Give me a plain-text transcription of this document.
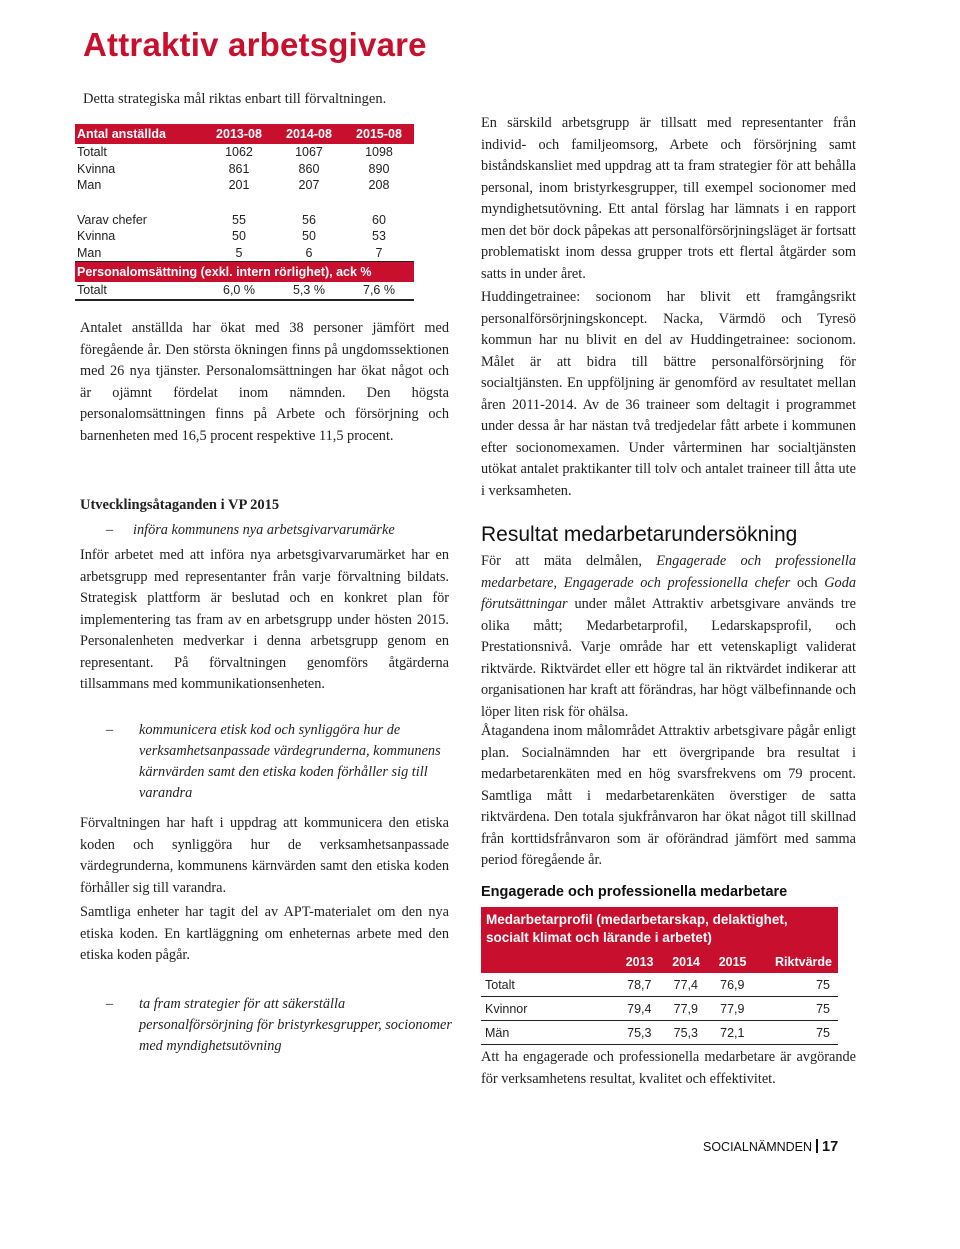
Attraktiv arbetsgivare
Detta strategiska mål riktas enbart till förvaltningen.
Antal anställda	2013-08	2014-08	2015-08
Totalt	1062	1067	1098
Kvinna	861	860	890
Man	201	207	208

Varav chefer	55	56	60
Kvinna	50	50	53
Man	5	6	7
Personalomsättning (exkl. intern rörlighet), ack %			
Totalt	6,0 %	5,3 %	7,6 %

Antalet anställda har ökat med 38 personer jämfört med föregående år. Den största ökningen finns på ungdomssektionen med 26 nya tjänster. Personalomsättningen har ökat något och är ojämnt fördelat inom nämnden. Den högsta personalomsättningen finns på Arbete och försörjning och barnenheten med 16,5 procent respektive 11,5 procent.

Utvecklingsåtaganden i VP 2015
– införa kommunens nya arbetsgivarvarumärke

Inför arbetet med att införa nya arbetsgivarvarumärket har en arbetsgrupp med representanter från varje förvaltning bildats. Strategisk plattform är beslutad och en konkret plan för implementering tas fram av en arbetsgrupp under hösten 2015. Personalenheten medverkar i denna arbetsgrupp genom en representant. På förvaltningen genomförs åtgärderna tillsammans med kommunikationsenheten.

– kommunicera etisk kod och synliggöra hur de verksamhetsanpassade värdegrunderna, kommunens kärnvärden samt den etiska koden förhåller sig till varandra

Förvaltningen har haft i uppdrag att kommunicera den etiska koden och synliggöra hur de verksamhetsanpassade värdegrunderna, kommunens kärnvärden samt den etiska koden förhåller sig till varandra.

Samtliga enheter har tagit del av APT-materialet om den nya etiska koden. En kartläggning om enheternas arbete med den etiska koden pågår.

– ta fram strategier för att säkerställa personalförsörjning för bristyrkesgrupper, socionomer med myndighetsutövning

En särskild arbetsgrupp är tillsatt med representanter från individ- och familjeomsorg, Arbete och försörjning samt biståndskansliet med uppdrag att ta fram strategier för att behålla personal, inom bristyrkesgrupper, till exempel socionomer med myndighetsutövning. Ett antal förslag har lämnats i en rapport men det bör dock påpekas att personalförsörjningsläget är fortsatt problematiskt inom dessa grupper trots ett flertal åtgärder som satts in under året.

Huddingetrainee: socionom har blivit ett framgångsrikt personalförsörjningskoncept. Nacka, Värmdö och Tyresö kommun har nu blivit en del av Huddingetrainee: socionom. Målet är att bidra till bättre personalförsörjning för socialtjänsten. En uppföljning är genomförd av resultatet mellan åren 2011-2014. Av de 36 traineer som deltagit i programmet under dessa år har nästan två tredjedelar fått arbete i kommunen efter socionomexamen. Under vårterminen har socialtjänsten utökat antalet praktikanter till tolv och antalet traineer till åtta ute i verksamheten.

Resultat medarbetarundersökning

För att mäta delmålen, Engagerade och professionella medarbetare, Engagerade och professionella chefer och Goda förutsättningar under målet Attraktiv arbetsgivare används tre olika mått; Medarbetarprofil, Ledarskapsprofil, och Prestationsnivå. Varje område har ett vetenskapligt validerat riktvärde. Riktvärdet eller ett högre tal än riktvärdet indikerar att organisationen har kraft att förändras, har högt välbefinnande och löper liten risk för ohälsa.

Åtagandena inom målområdet Attraktiv arbetsgivare pågår enligt plan. Socialnämnden har ett övergripande bra resultat i medarbetarenkäten med en hög svarsfrekvens om 79 procent. Samtliga mått i medarbetarenkäten överstiger de satta riktvärdena. Den totala sjukfrånvaron har ökat något till skillnad från korttidsfrånvaron som är oförändrad jämfört med samma period föregående år.

Engagerade och professionella medarbetare
Medarbetarprofil (medarbetarskap, delaktighet, socialt klimat och lärande i arbetet)				
	2013	2014	2015	Riktvärde
Totalt	78,7	77,4	76,9	75
Kvinnor	79,4	77,9	77,9	75
Män	75,3	75,3	72,1	75

Att ha engagerade och professionella medarbetare är avgörande för verksamhetens resultat, kvalitet och effektivitet.

SOCIALNÄMNDEN 17
